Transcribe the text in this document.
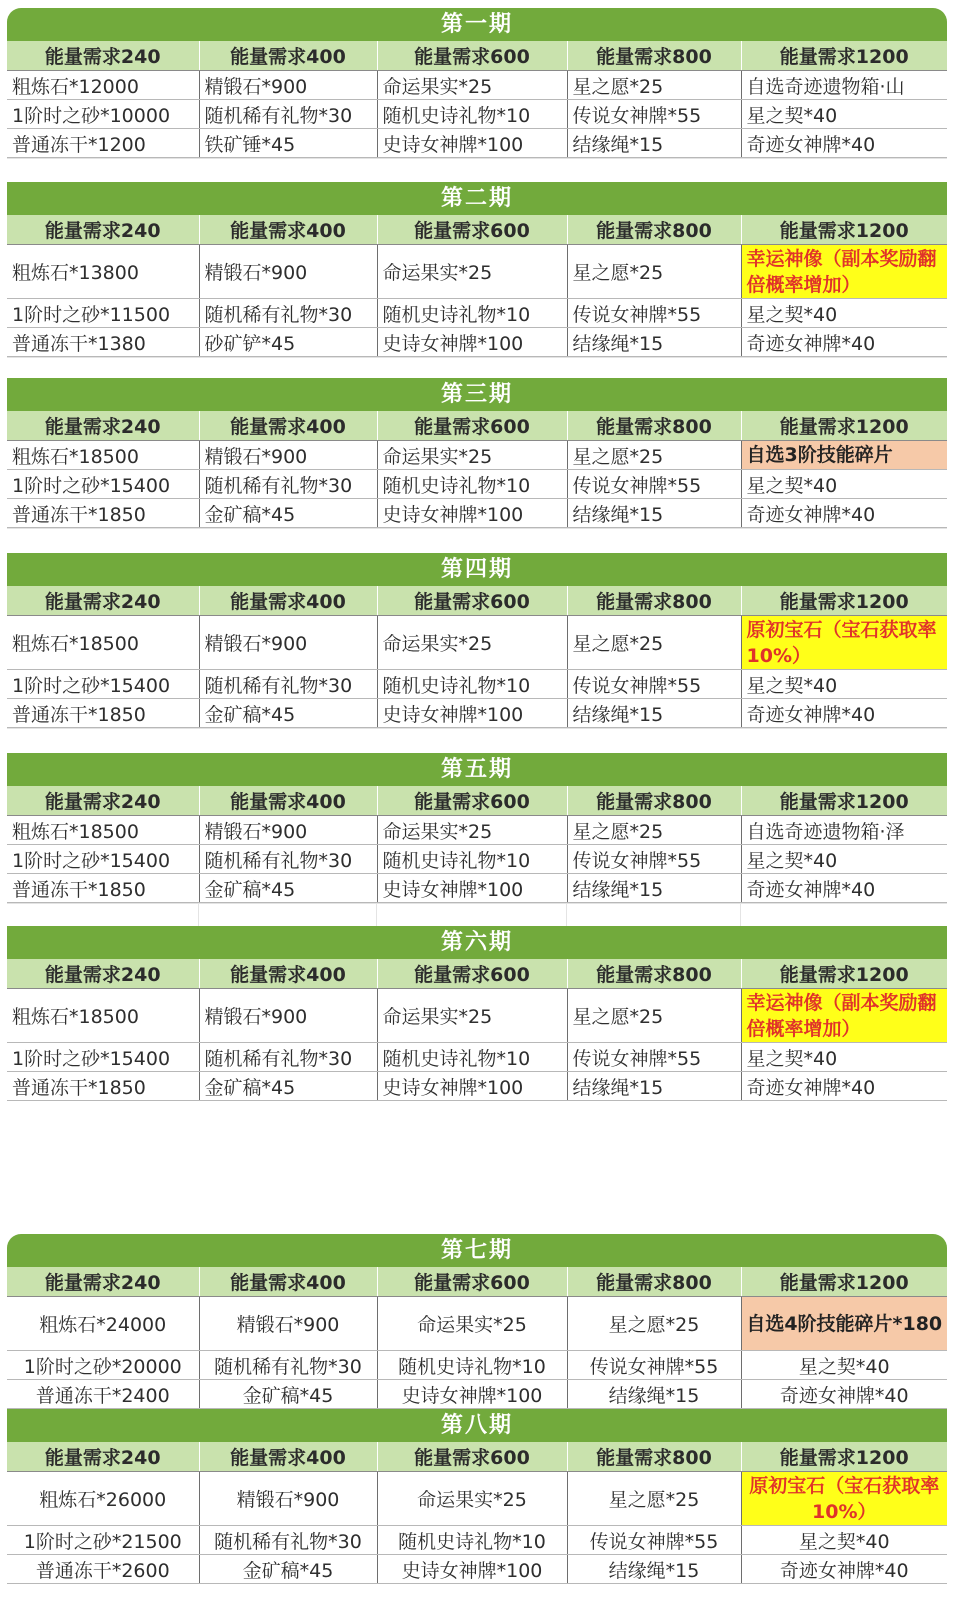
第一期
能量需求240	能量需求400	能量需求600	能量需求800	能量需求1200
粗炼石*12000	精锻石*900	命运果实*25	星之愿*25	自选奇迹遗物箱·山
1阶时之砂*10000	随机稀有礼物*30	随机史诗礼物*10	传说女神牌*55	星之契*40
普通冻干*1200	铁矿锤*45	史诗女神牌*100	结缘绳*15	奇迹女神牌*40
第二期
能量需求240	能量需求400	能量需求600	能量需求800	能量需求1200
粗炼石*13800	精锻石*900	命运果实*25	星之愿*25	幸运神像（副本奖励翻倍概率增加）
1阶时之砂*11500	随机稀有礼物*30	随机史诗礼物*10	传说女神牌*55	星之契*40
普通冻干*1380	砂矿铲*45	史诗女神牌*100	结缘绳*15	奇迹女神牌*40
第三期
能量需求240	能量需求400	能量需求600	能量需求800	能量需求1200
粗炼石*18500	精锻石*900	命运果实*25	星之愿*25	自选3阶技能碎片
1阶时之砂*15400	随机稀有礼物*30	随机史诗礼物*10	传说女神牌*55	星之契*40
普通冻干*1850	金矿稿*45	史诗女神牌*100	结缘绳*15	奇迹女神牌*40
第四期
能量需求240	能量需求400	能量需求600	能量需求800	能量需求1200
粗炼石*18500	精锻石*900	命运果实*25	星之愿*25	原初宝石（宝石获取率10%）
1阶时之砂*15400	随机稀有礼物*30	随机史诗礼物*10	传说女神牌*55	星之契*40
普通冻干*1850	金矿稿*45	史诗女神牌*100	结缘绳*15	奇迹女神牌*40
第五期
能量需求240	能量需求400	能量需求600	能量需求800	能量需求1200
粗炼石*18500	精锻石*900	命运果实*25	星之愿*25	自选奇迹遗物箱·泽
1阶时之砂*15400	随机稀有礼物*30	随机史诗礼物*10	传说女神牌*55	星之契*40
普通冻干*1850	金矿稿*45	史诗女神牌*100	结缘绳*15	奇迹女神牌*40
第六期
能量需求240	能量需求400	能量需求600	能量需求800	能量需求1200
粗炼石*18500	精锻石*900	命运果实*25	星之愿*25	幸运神像（副本奖励翻倍概率增加）
1阶时之砂*15400	随机稀有礼物*30	随机史诗礼物*10	传说女神牌*55	星之契*40
普通冻干*1850	金矿稿*45	史诗女神牌*100	结缘绳*15	奇迹女神牌*40
第七期
能量需求240	能量需求400	能量需求600	能量需求800	能量需求1200
粗炼石*24000	精锻石*900	命运果实*25	星之愿*25	自选4阶技能碎片*180
1阶时之砂*20000	随机稀有礼物*30	随机史诗礼物*10	传说女神牌*55	星之契*40
普通冻干*2400	金矿稿*45	史诗女神牌*100	结缘绳*15	奇迹女神牌*40
第八期
能量需求240	能量需求400	能量需求600	能量需求800	能量需求1200
粗炼石*26000	精锻石*900	命运果实*25	星之愿*25	原初宝石（宝石获取率10%）
1阶时之砂*21500	随机稀有礼物*30	随机史诗礼物*10	传说女神牌*55	星之契*40
普通冻干*2600	金矿稿*45	史诗女神牌*100	结缘绳*15	奇迹女神牌*40
